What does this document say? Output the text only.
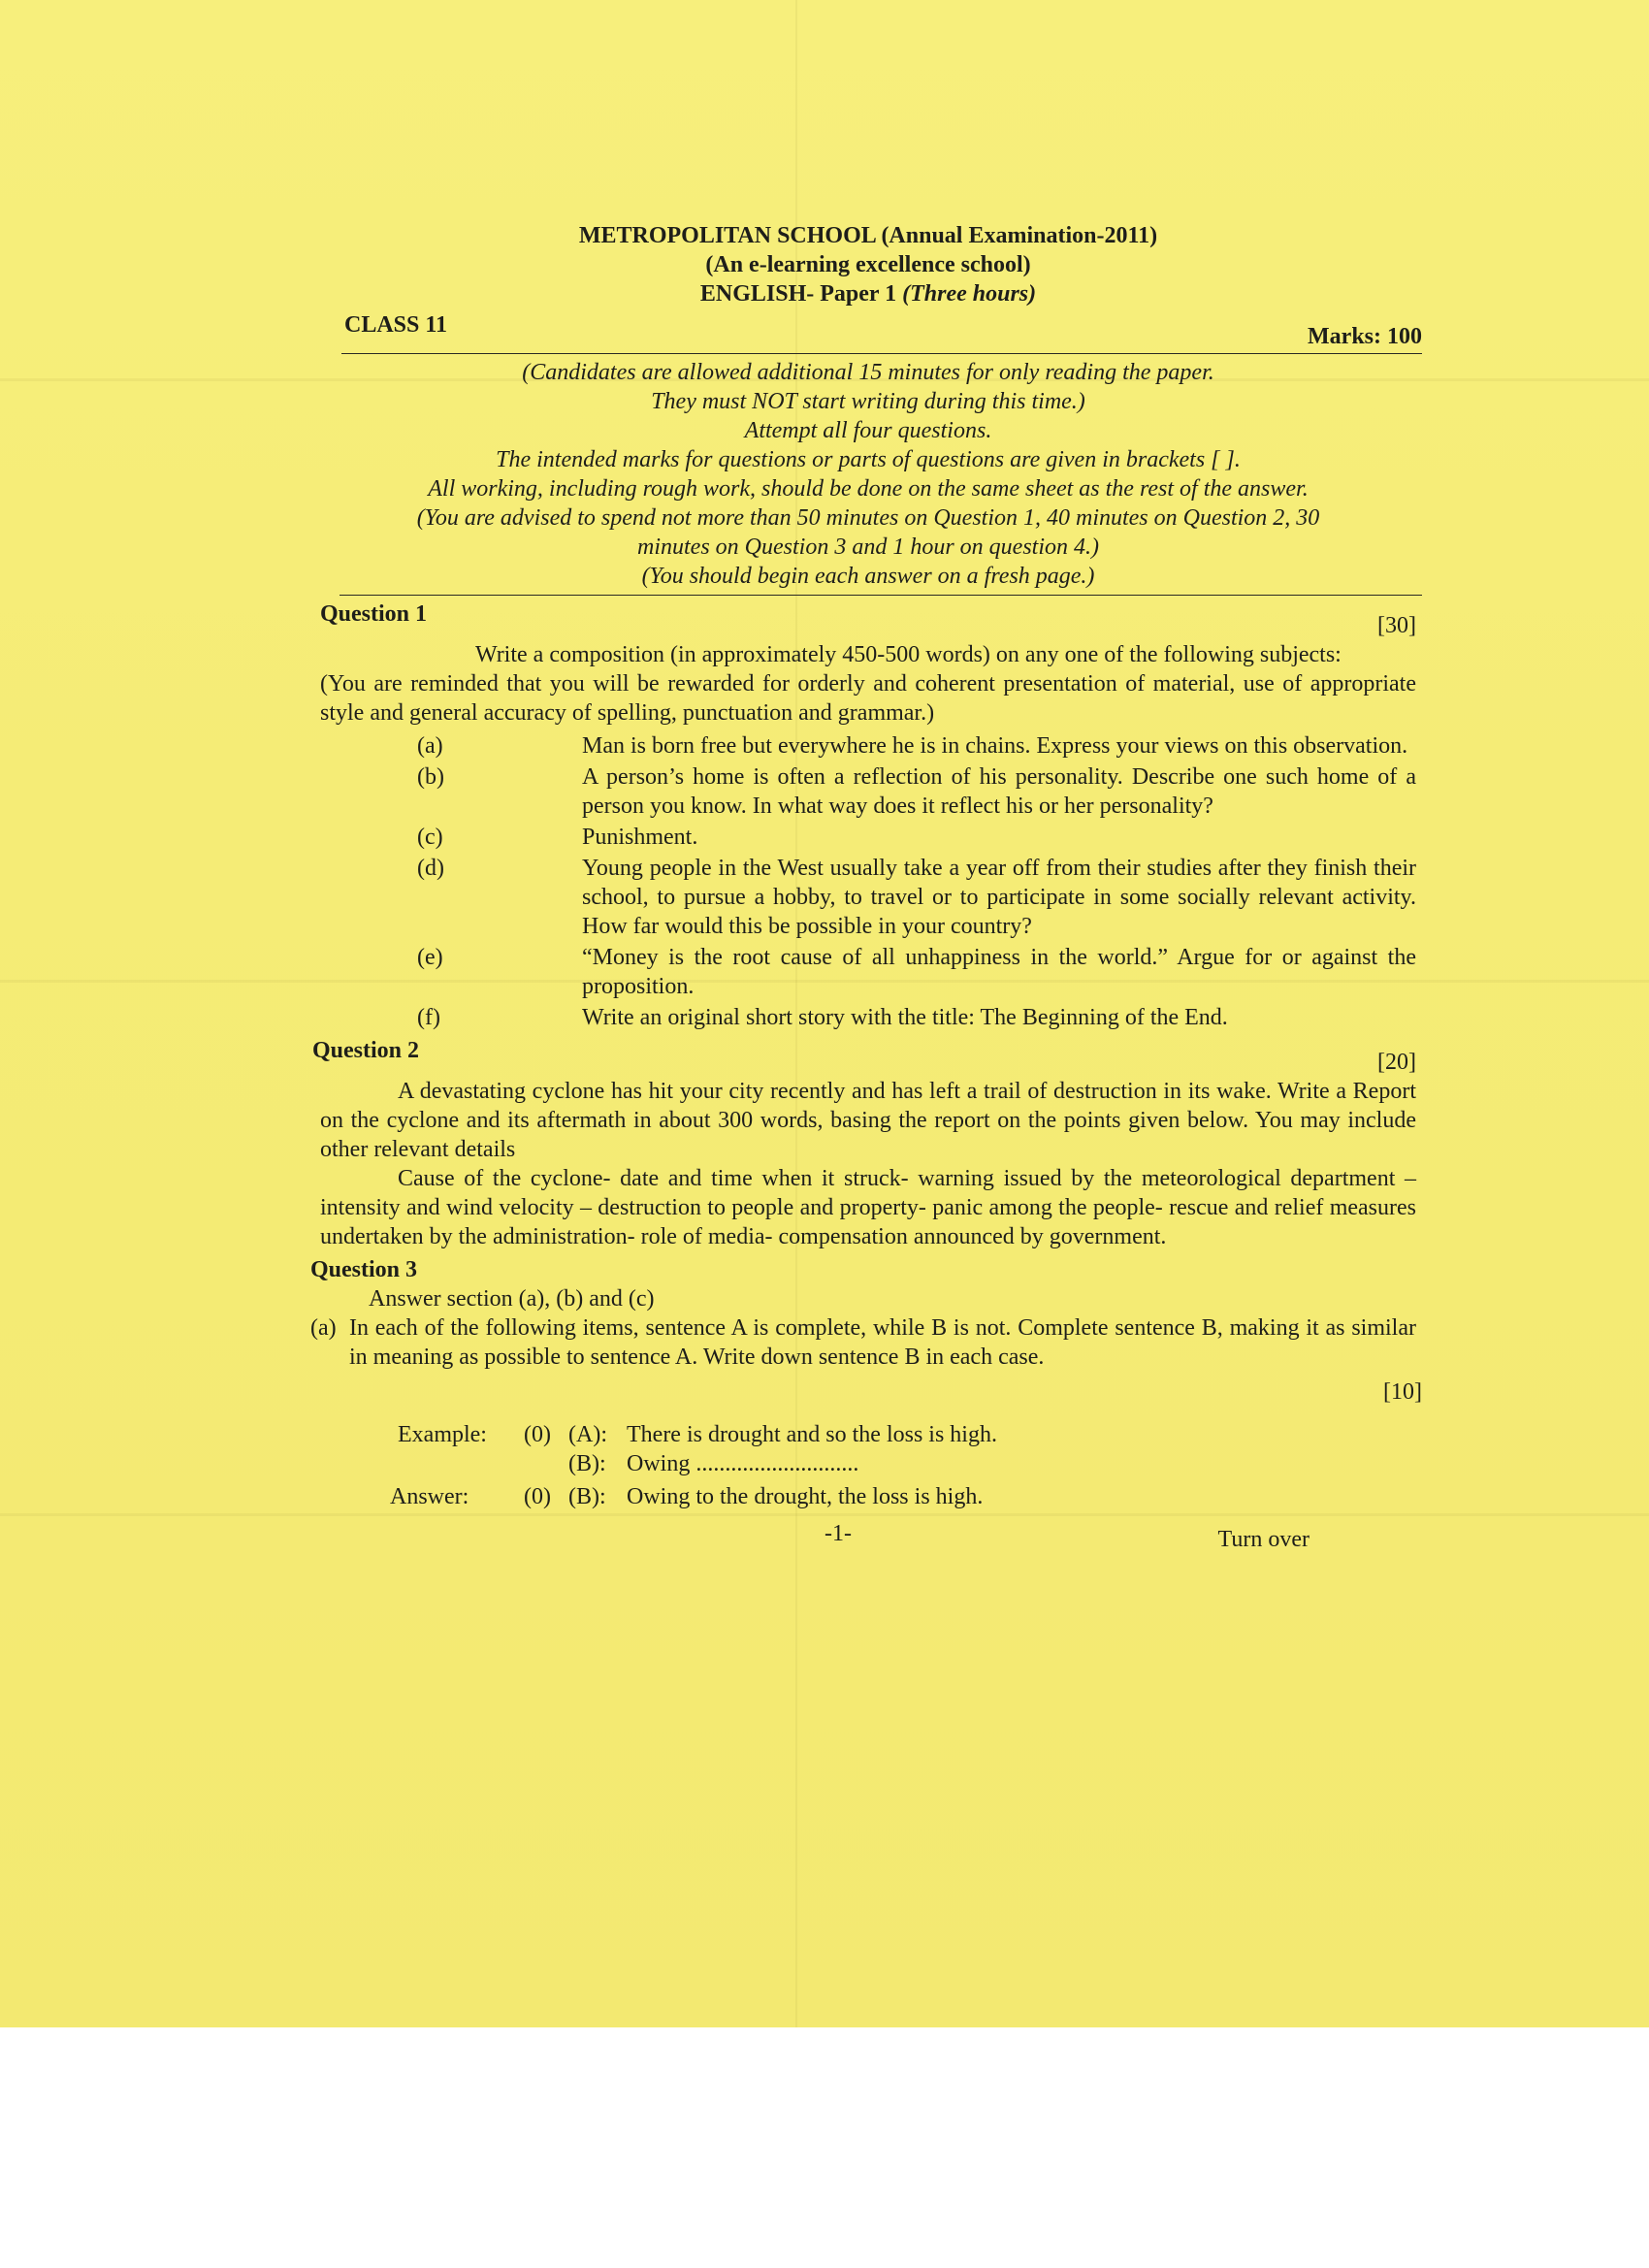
METROPOLITAN SCHOOL (Annual Examination-2011)
(An e-learning excellence school)
ENGLISH- Paper 1 (Three hours)
CLASS 11	Marks: 100
(Candidates are allowed additional 15 minutes for only reading the paper.
They must NOT start writing during this time.)
Attempt all four questions.
The intended marks for questions or parts of questions are given in brackets [ ].
All working, including rough work, should be done on the same sheet as the rest of the answer.
(You are advised to spend not more than 50 minutes on Question 1, 40 minutes on Question 2, 30
minutes on Question 3 and 1 hour on question 4.)
(You should begin each answer on a fresh page.)
Question 1	[30]
Write a composition (in approximately 450-500 words) on any one of the following subjects:
(You are reminded that you will be rewarded for orderly and coherent presentation of material, use of appropriate style and general accuracy of spelling, punctuation and grammar.)
(a)	Man is born free but everywhere he is in chains. Express your views on this observation.
(b)	A person’s home is often a reflection of his personality. Describe one such home of a person you know. In what way does it reflect his or her personality?
(c)	Punishment.
(d)	Young people in the West usually take a year off from their studies after they finish their school, to pursue a hobby, to travel or to participate in some socially relevant activity. How far would this be possible in your country?
(e)	“Money is the root cause of all unhappiness in the world.” Argue for or against the proposition.
(f)	Write an original short story with the title: The Beginning of the End.
Question 2	[20]
A devastating cyclone has hit your city recently and has left a trail of destruction in its wake. Write a Report on the cyclone and its aftermath in about 300 words, basing the report on the points given below. You may include other relevant details
Cause of the cyclone- date and time when it struck- warning issued by the meteorological department – intensity and wind velocity – destruction to people and property- panic among the people- rescue and relief measures undertaken by the administration- role of media- compensation announced by government.
Question 3
Answer section (a), (b) and (c)
(a) In each of the following items, sentence A is complete, while B is not. Complete sentence B, making it as similar in meaning as possible to sentence A. Write down sentence B in each case.
[10]
Example:	(0) (A): There is drought and so the loss is high.
(B): Owing ............................
Answer:	(0) (B): Owing to the drought, the loss is high.
-1-	Turn over
